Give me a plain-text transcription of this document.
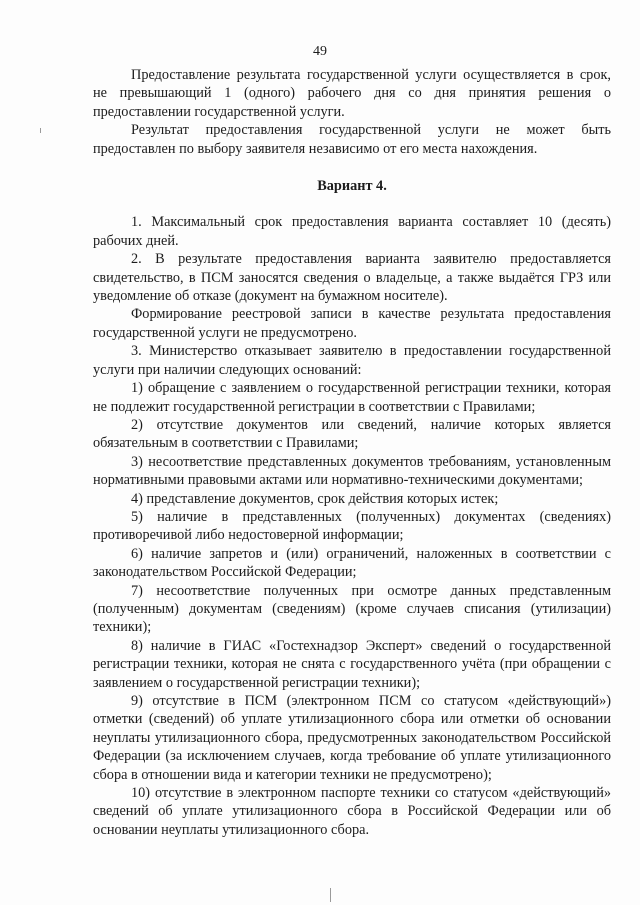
49

Предоставление результата государственной услуги осуществляется в срок, не превышающий 1 (одного) рабочего дня со дня принятия решения о предоставлении государственной услуги.

Результат предоставления государственной услуги не может быть предоставлен по выбору заявителя независимо от его места нахождения.

Вариант 4.

1. Максимальный срок предоставления варианта составляет 10 (десять) рабочих дней.

2. В результате предоставления варианта заявителю предоставляется свидетельство, в ПСМ заносятся сведения о владельце, а также выдаётся ГРЗ или уведомление об отказе (документ на бумажном носителе).

Формирование реестровой записи в качестве результата предоставления государственной услуги не предусмотрено.

3. Министерство отказывает заявителю в предоставлении государственной услуги при наличии следующих оснований:

1) обращение с заявлением о государственной регистрации техники, которая не подлежит государственной регистрации в соответствии с Правилами;

2) отсутствие документов или сведений, наличие которых является обязательным в соответствии с Правилами;

3) несоответствие представленных документов требованиям, установленным нормативными правовыми актами или нормативно-техническими документами;

4) представление документов, срок действия которых истек;

5) наличие в представленных (полученных) документах (сведениях) противоречивой либо недостоверной информации;

6) наличие запретов и (или) ограничений, наложенных в соответствии с законодательством Российской Федерации;

7) несоответствие полученных при осмотре данных представленным (полученным) документам (сведениям) (кроме случаев списания (утилизации) техники);

8) наличие в ГИАС «Гостехнадзор Эксперт» сведений о государственной регистрации техники, которая не снята с государственного учёта (при обращении с заявлением о государственной регистрации техники);

9) отсутствие в ПСМ (электронном ПСМ со статусом «действующий») отметки (сведений) об уплате утилизационного сбора или отметки об основании неуплаты утилизационного сбора, предусмотренных законодательством Российской Федерации (за исключением случаев, когда требование об уплате утилизационного сбора в отношении вида и категории техники не предусмотрено);

10) отсутствие в электронном паспорте техники со статусом «действующий» сведений об уплате утилизационного сбора в Российской Федерации или об основании неуплаты утилизационного сбора.
